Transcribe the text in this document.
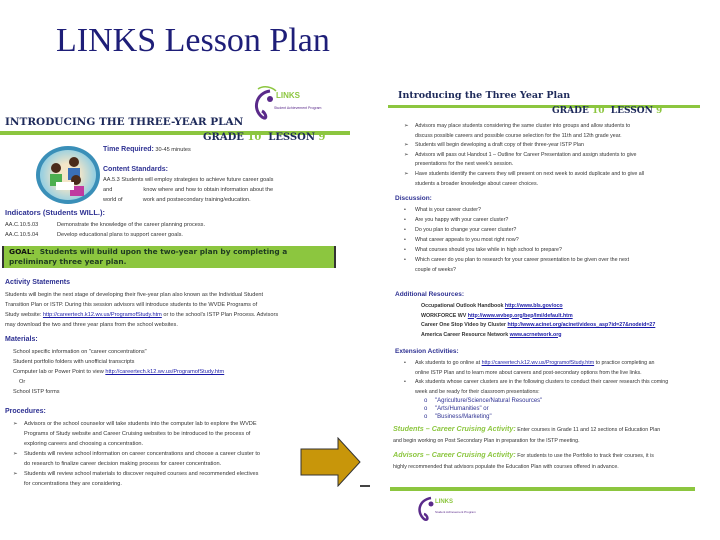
LINKS Lesson Plan
LINKS
Student Achievement Program
INTRODUCING THE THREE-YEAR PLAN
GRADE 10 LESSON 9
Time Required: 30-45 minutes
Content Standards:
AA.5.3 Students will employ strategies to achieve future career goals
and                    know where and how to obtain information about the
world of             work and postsecondary training/education.
Indicators (Students WILL.):
AA.C.10.5.03	Demonstrate the knowledge of the career planning process.
AA.C.10.5.04	Develop educational plans to support career goals.
GOAL: Students will build upon the two-year plan by completing a preliminary three year plan.
Activity Statements
Students will begin the next stage of developing their five-year plan also known as the Individual Student
Transition Plan or ISTP. During this session advisors will introduce students to the WVDE Programs of
Study website: http://careertech.k12.wv.us/ProgramofStudy.htm or to the school's ISTP Plan Process. Advisors
may download the two and three year plans from the school websites.
Materials:
School specific information on "career concentrations"
Student portfolio folders with unofficial transcripts
Computer lab or Power Point to view http://careertech.k12.wv.us/ProgramofStudy.htm
Or
School ISTP forms
Procedures:
➢ Advisors or the school counselor will take students into the computer lab to explore the WVDE
Programs of Study website and Career Cruising websites to be introduced to the process of
exploring careers and choosing a concentration.
➢ Students will review school information on career concentrations and choose a career cluster to
do research to finalize career decision making process for career concentration.
➢ Students will review school materials to discover required courses and recommended electives
for concentrations they are considering.
Introducing the Three Year Plan
GRADE 10 LESSON 9
➢ Advisors may place students considering the same cluster into groups and allow students to
discuss possible careers and possible course selection for the 11th and 12th grade year.
➢ Students will begin developing a draft copy of their three-year ISTP Plan
➢ Advisors will pass out Handout 1 – Outline for Career Presentation and assign students to give
presentations for the next week's session.
➢ Have students identify the careers they will present on next week to avoid duplicate and to give all
students a broader knowledge about career choices.
Discussion:
• What is your career cluster?
• Are you happy with your career cluster?
• Do you plan to change your career cluster?
• What career appeals to you most right now?
• What courses should you take while in high school to prepare?
• Which career do you plan to research for your career presentation to be given over the next
couple of weeks?
Additional Resources:
Occupational Outlook Handbook http://www.bls.gov/oco
WORKFORCE WV http://www.wvbep.org/bep/lmi/default.htm
Career One Stop Video by Cluster http://www.acinet.org/acinet/videos_asp?id=27&nodeid=27
America Career Resource Network www.acrnetwork.org
Extension Activities:
• Ask students to go online at http://careertech.k12.wv.us/ProgramofStudy.htm to practice completing an
online ISTP Plan and to learn more about careers and post-secondary options from the live links.
• Ask students whose career clusters are in the following clusters to conduct their career research this coming
week and be ready for their classroom presentations:
o "Agriculture/Science/Natural Resources"
o "Arts/Humanities" or
o "Business/Marketing"
Students – Career Cruising Activity: Enter courses in Grade 11 and 12 sections of Education Plan
and begin working on Post Secondary Plan in preparation for the ISTP meeting.
Advisors – Career Cruising Activity: For students to use the Portfolio to track their courses, it is
highly recommended that advisors populate the Education Plan with courses offered in advance.
LINKS
Student Achievement Program
